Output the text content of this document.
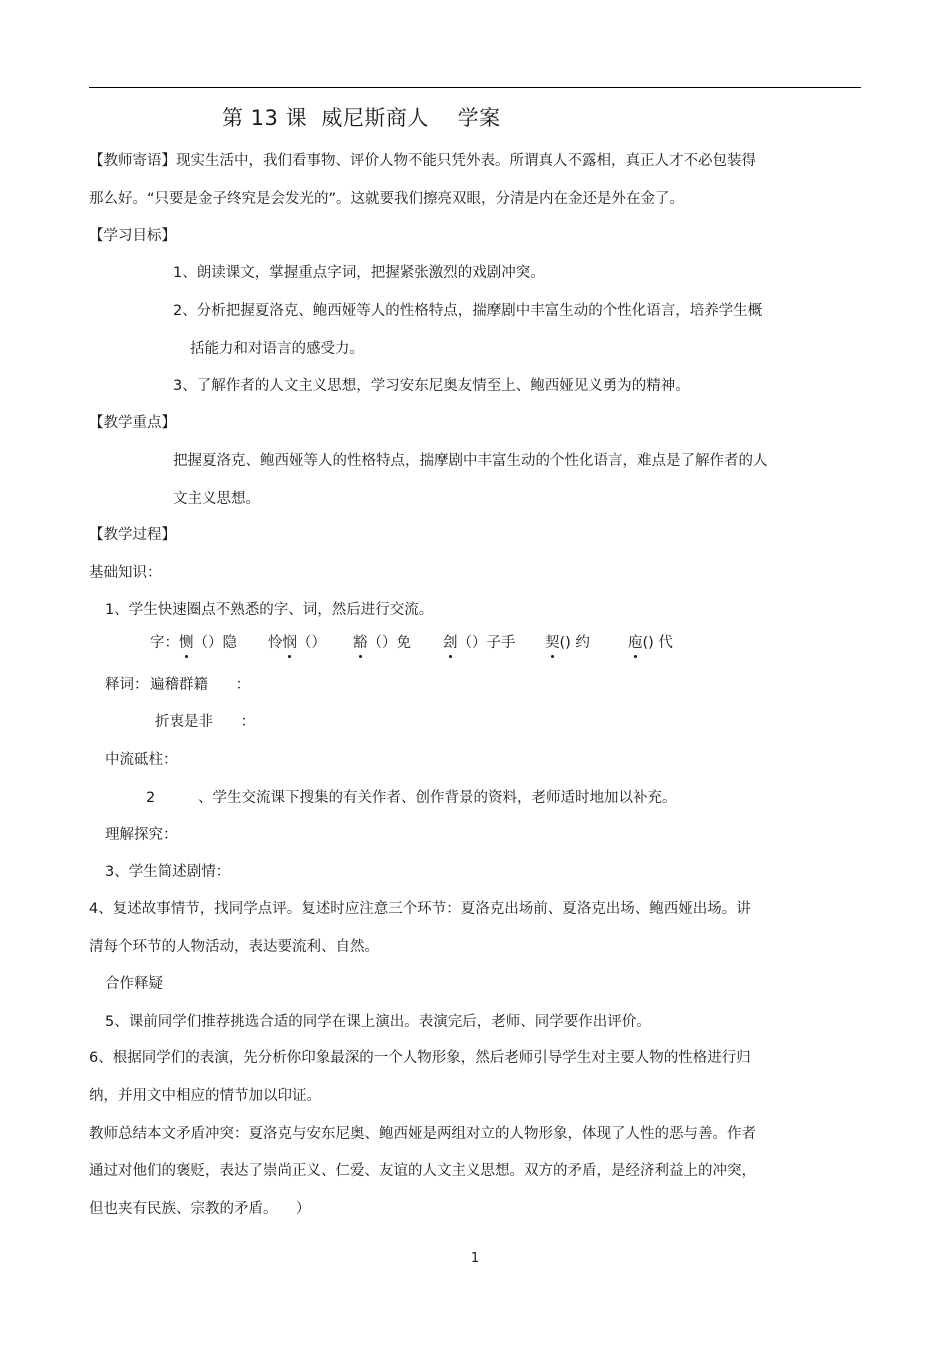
第 13 课  威尼斯商人    学案
【教师寄语】现实生活中，我们看事物、评价人物不能只凭外表。所谓真人不露相，真正人才不必包装得
那么好。“只要是金子终究是会发光的”。这就要我们擦亮双眼，分清是内在金还是外在金了。
【学习目标】
1、朗读课文，掌握重点字词，把握紧张激烈的戏剧冲突。
2、分析把握夏洛克、鲍西娅等人的性格特点，揣摩剧中丰富生动的个性化语言，培养学生概
括能力和对语言的感受力。
3、了解作者的人文主义思想，学习安东尼奥友情至上、鲍西娅见义勇为的精神。
【教学重点】
把握夏洛克、鲍西娅等人的性格特点，揣摩剧中丰富生动的个性化语言，难点是了解作者的人
文主义思想。
【教学过程】
基础知识：
1、学生快速圈点不熟悉的字、词，然后进行交流。
字： 恻（）隐 怜悯（） 豁（）免 刽（）子手 契() 约	庖() 代
释词： 遍稽群籍      ：
折衷是非      ：
中流砥柱：
2	、学生交流课下搜集的有关作者、创作背景的资料，老师适时地加以补充。
理解探究：
3、学生简述剧情：
4、复述故事情节，找同学点评。复述时应注意三个环节：夏洛克出场前、夏洛克出场、鲍西娅出场。讲
清每个环节的人物活动，表达要流利、自然。
合作释疑
5、课前同学们推荐挑选合适的同学在课上演出。表演完后，老师、同学要作出评价。
6、根据同学们的表演，先分析你印象最深的一个人物形象，然后老师引导学生对主要人物的性格进行归
纳，并用文中相应的情节加以印证。
教师总结本文矛盾冲突：夏洛克与安东尼奥、鲍西娅是两组对立的人物形象，体现了人性的恶与善。作者
通过对他们的褒贬，表达了崇尚正义、仁爱、友谊的人文主义思想。双方的矛盾，是经济利益上的冲突，
但也夹有民族、宗教的矛盾。    ）
1
